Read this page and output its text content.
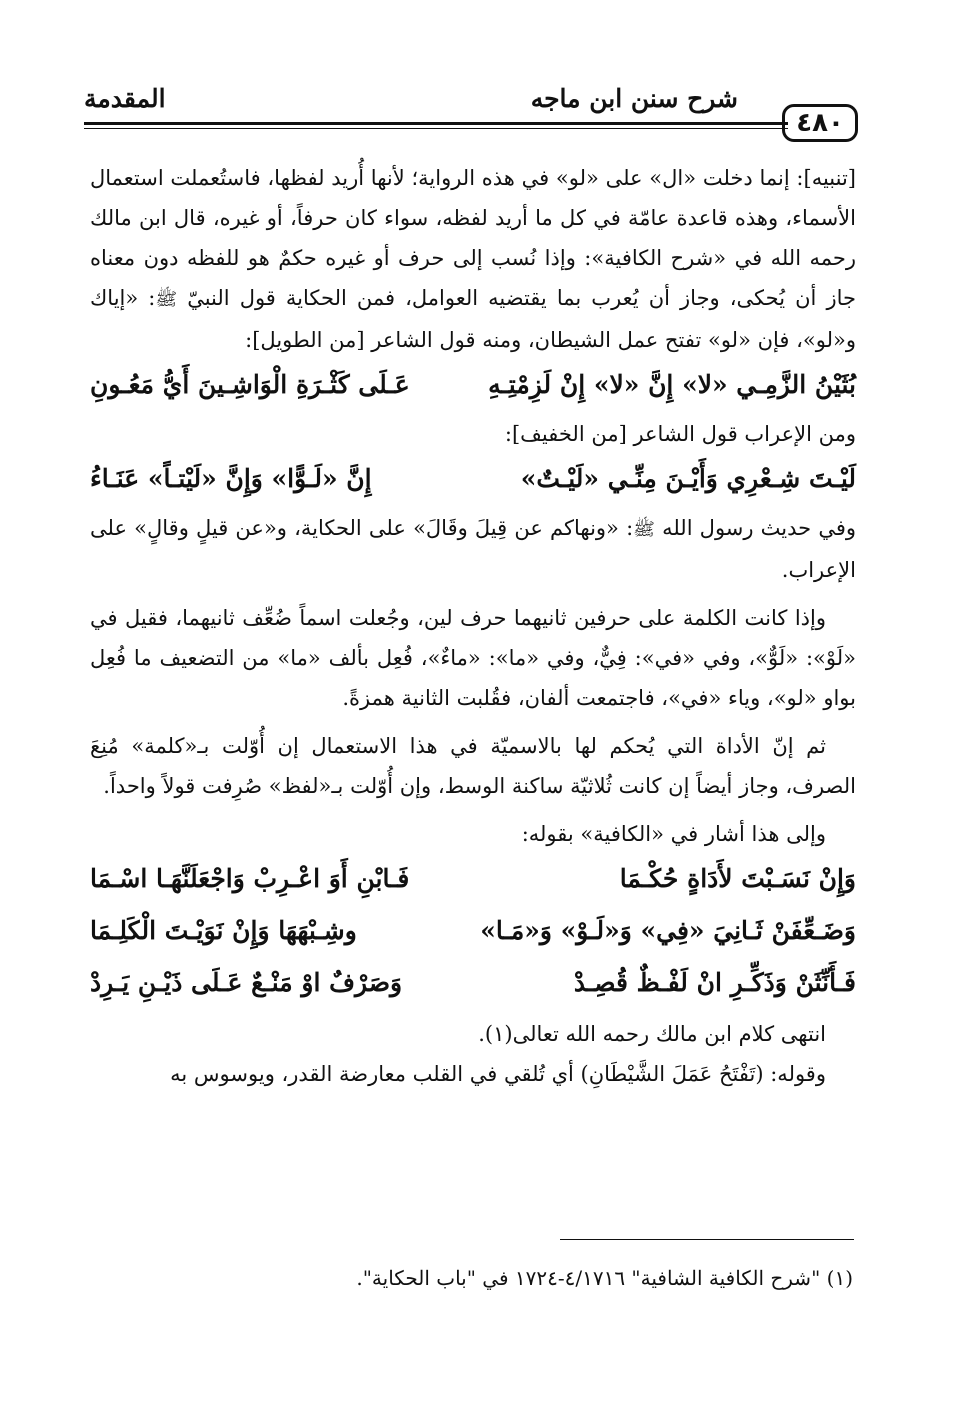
٤٨٠
شرح سنن ابن ماجه
المقدمة

[تنبيه]: إنما دخلت «ال» على «لو» في هذه الرواية؛ لأنها أُريد لفظها، فاستُعملت استعمال الأسماء، وهذه قاعدة عامّة في كل ما أريد لفظه، سواء كان حرفاً، أو غيره، قال ابن مالك رحمه الله في «شرح الكافية»: وإذا نُسب إلى حرف أو غيره حكمٌ هو للفظه دون معناه جاز أن يُحكى، وجاز أن يُعرب بما يقتضيه العوامل، فمن الحكاية قول النبيّ ﷺ: «إياك و«لو»، فإن «لو» تفتح عمل الشيطان، ومنه قول الشاعر [من الطويل]:

بُثَيْنُ الزَّمِـي «لا» إِنَّ «لا» إِنْ لَزِمْتِـهِ
عَـلَى كَثْـرَةِ الْوَاشِـينَ أَيُّ مَعُـونِ

ومن الإعراب قول الشاعر [من الخفيف]:

لَيْـتَ شِـعْرِي وَأَيْـنَ مِنِّـي «لَيْـتٌ»
إِنَّ «لَـوًّا» وَإِنَّ «لَيْتـاً» عَنَـاءُ

وفي حديث رسول الله ﷺ: «ونهاكم عن قِيلَ وقَالَ» على الحكاية، و«عن قيلٍ وقالٍ» على الإعراب.

وإذا كانت الكلمة على حرفين ثانيهما حرف لين، وجُعلت اسماً ضُعِّف ثانيهما، فقيل في «لَوْ»: «لَوٌّ»، وفي «في»: فِيٌّ، وفي «ما»: «ماءٌ»، فُعِل بألف «ما» من التضعيف ما فُعِل بواو «لو»، وياء «في»، فاجتمعت ألفان، فقُلبت الثانية همزةً.

ثم إنّ الأداة التي يُحكم لها بالاسميّة في هذا الاستعمال إن أُوّلت بـ«كلمة» مُنِعَ الصرف، وجاز أيضاً إن كانت ثُلاثيّة ساكنة الوسط، وإن أُوّلت بـ«لفظ» صُرِفت قولاً واحداً.

وإلى هذا أشار في «الكافية» بقوله:

وَإِنْ نَسَـبْتَ لأَدَاةٍ حُكْـمَا
فَـابْنِ أَوَ اعْـرِبْ وَاجْعَلَنَّهَـا اسْـمَا
وَضَـعِّفَنْ ثَـانِيَ «فِي» وَ«لَـوْ» وَ«مَـا»
وشِـبْهَهَا وَإِنْ نَوَيْـتَ الْكَلِـمَا
فَـأَنِّثَنْ وَذَكِّـرِ انْ لَفْـظٌ قُصِـدْ
وَصَرْفٌ اوْ مَنْـعٌ عَـلَى ذَيْـنِ يَـرِدْ

انتهى كلام ابن مالك رحمه الله تعالى(١).

وقوله: (تَفْتَحُ عَمَلَ الشَّيْطَانِ) أي تُلقي في القلب معارضة القدر، ويوسوس به

(١) "شرح الكافية الشافية" ٤/١٧١٦-١٧٢٤ في "باب الحكاية".
